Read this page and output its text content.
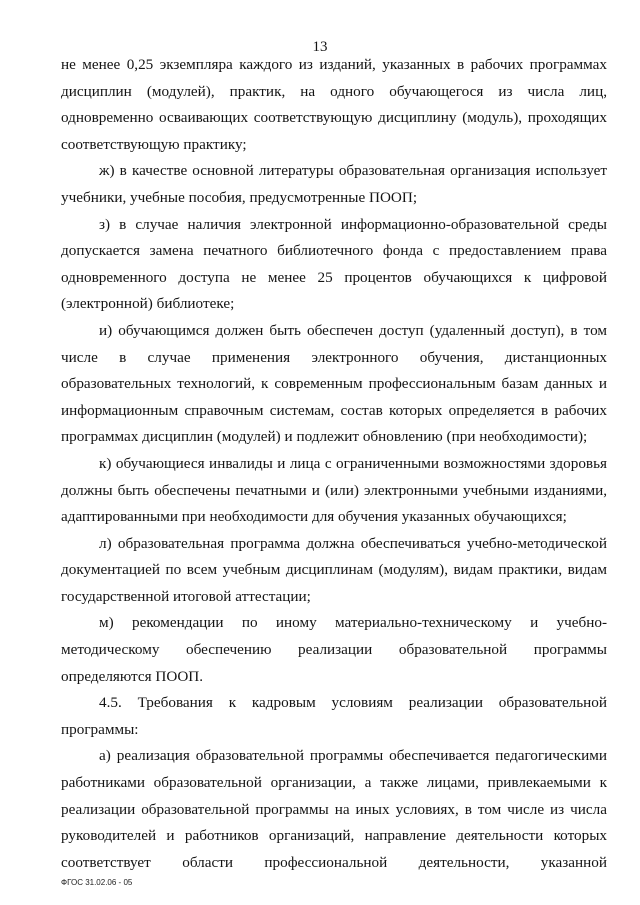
13

не менее 0,25 экземпляра каждого из изданий, указанных в рабочих программах дисциплин (модулей), практик, на одного обучающегося из числа лиц, одновременно осваивающих соответствующую дисциплину (модуль), проходящих соответствующую практику;

ж) в качестве основной литературы образовательная организация использует учебники, учебные пособия, предусмотренные ПООП;

з) в случае наличия электронной информационно-образовательной среды допускается замена печатного библиотечного фонда с предоставлением права одновременного доступа не менее 25 процентов обучающихся к цифровой (электронной) библиотеке;

и) обучающимся должен быть обеспечен доступ (удаленный доступ), в том числе в случае применения электронного обучения, дистанционных образовательных технологий, к современным профессиональным базам данных и информационным справочным системам, состав которых определяется в рабочих программах дисциплин (модулей) и подлежит обновлению (при необходимости);

к) обучающиеся инвалиды и лица с ограниченными возможностями здоровья должны быть обеспечены печатными и (или) электронными учебными изданиями, адаптированными при необходимости для обучения указанных обучающихся;

л) образовательная программа должна обеспечиваться учебно-методической документацией по всем учебным дисциплинам (модулям), видам практики, видам государственной итоговой аттестации;

м) рекомендации по иному материально-техническому и учебно-методическому обеспечению реализации образовательной программы определяются ПООП.

4.5. Требования к кадровым условиям реализации образовательной программы:

а) реализация образовательной программы обеспечивается педагогическими работниками образовательной организации, а также лицами, привлекаемыми к реализации образовательной программы на иных условиях, в том числе из числа руководителей и работников организаций, направление деятельности которых соответствует области профессиональной деятельности, указанной

ФГОС 31.02.06 - 05
